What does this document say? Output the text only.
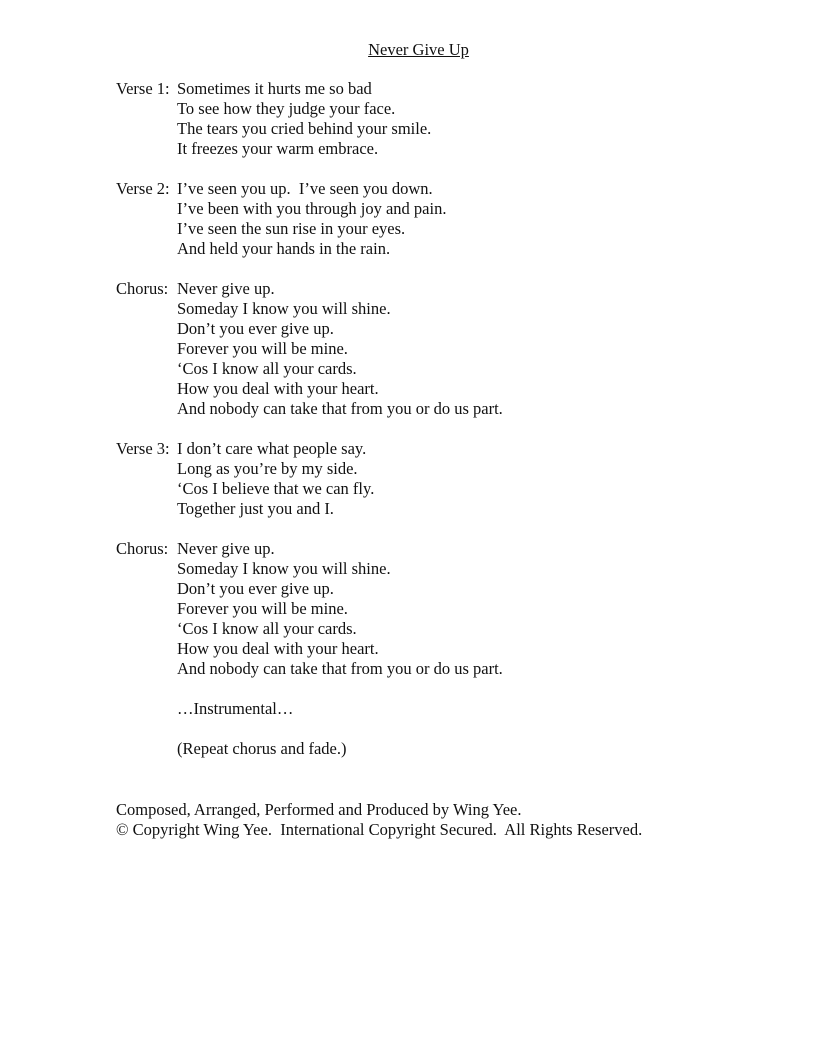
Never Give Up
Verse 1: Sometimes it hurts me so bad
To see how they judge your face.
The tears you cried behind your smile.
It freezes your warm embrace.
Verse 2: I’ve seen you up.  I’ve seen you down.
I’ve been with you through joy and pain.
I’ve seen the sun rise in your eyes.
And held your hands in the rain.
Chorus: Never give up.
Someday I know you will shine.
Don’t you ever give up.
Forever you will be mine.
‘Cos I know all your cards.
How you deal with your heart.
And nobody can take that from you or do us part.
Verse 3: I don’t care what people say.
Long as you’re by my side.
‘Cos I believe that we can fly.
Together just you and I.
Chorus: Never give up.
Someday I know you will shine.
Don’t you ever give up.
Forever you will be mine.
‘Cos I know all your cards.
How you deal with your heart.
And nobody can take that from you or do us part.
…Instrumental…
(Repeat chorus and fade.)
Composed, Arranged, Performed and Produced by Wing Yee.
© Copyright Wing Yee.  International Copyright Secured.  All Rights Reserved.
